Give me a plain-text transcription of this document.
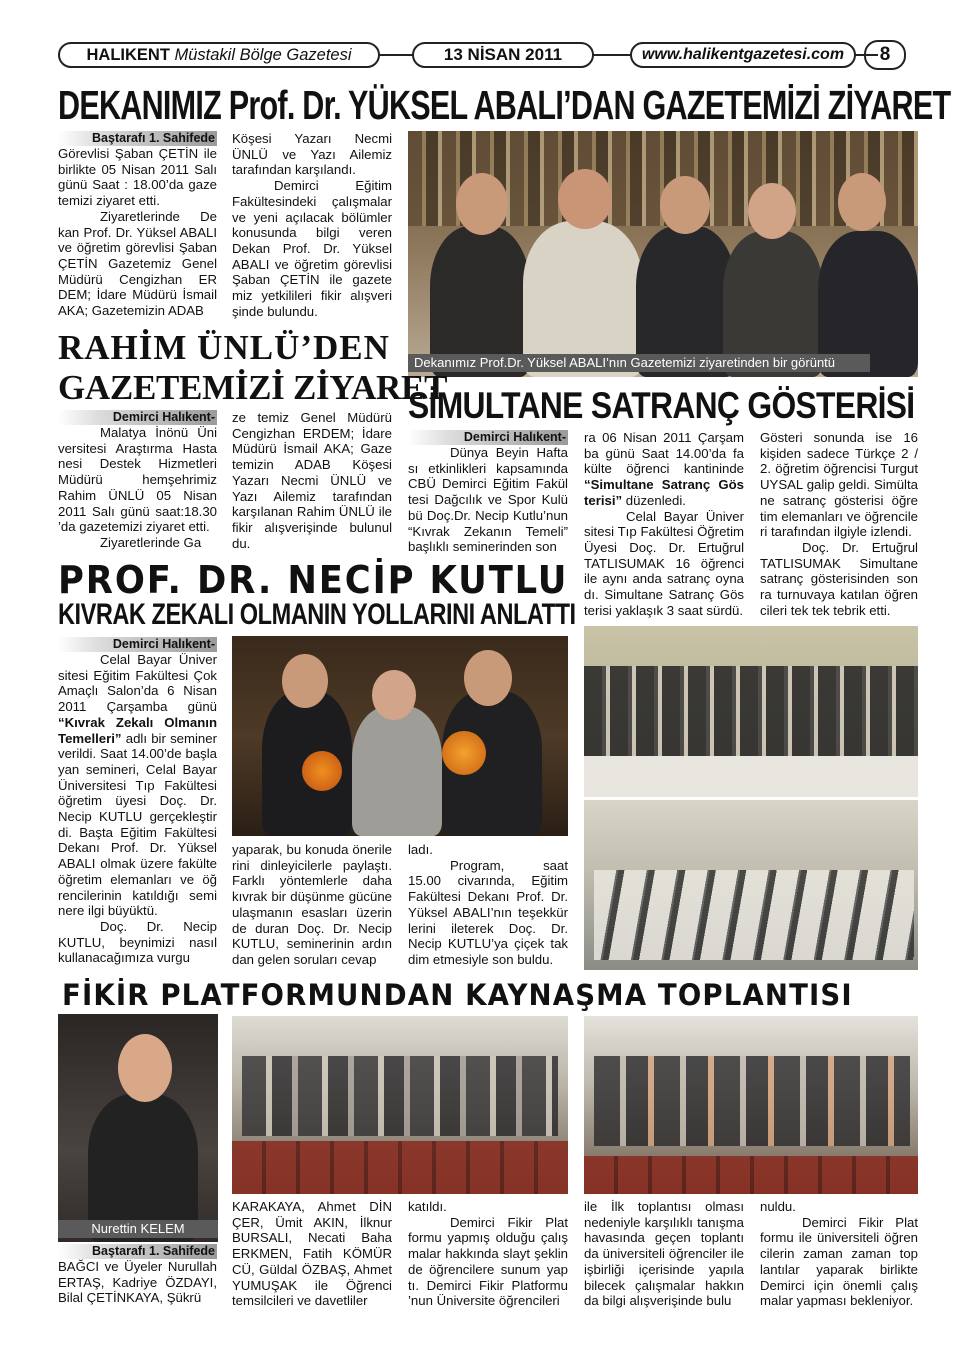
HALIKENT
Müstakil Bölge Gazetesi	13 NİSAN 2011	www.halikentgazetesi.com	8
DEKANIMIZ Prof. Dr. YÜKSEL ABALI’DAN GAZETEMİZİ ZİYARET
Baştarafı 1. Sahifede

Görevlisi Şaban ÇETİN ile birlikte 05 Nisan 2011 Salı günü Saat : 18.00’da gaze temizi ziyaret etti.

Ziyaretlerinde De kan Prof. Dr. Yüksel ABALI ve öğretim görevlisi Şaban ÇETİN Gazetemiz Genel Müdürü Cengizhan ER DEM; İdare Müdürü İsmail AKA; Gazetemizin ADAB

Köşesi Yazarı Necmi ÜNLÜ ve Yazı Ailemiz tarafından karşılandı.

Demirci Eğitim Fakültesindeki çalışmalar ve yeni açılacak bölümler konusunda bilgi veren Dekan Prof. Dr. Yüksel ABALI ve öğretim görevlisi Şaban ÇETİN ile gazete miz yetkilileri fikir alışveri şinde bulundu.

Dekanımız Prof.Dr. Yüksel ABALI’nın Gazetemizi ziyaretinden bir görüntü
RAHİM ÜNLÜ’DEN
GAZETEMİZİ ZİYARET
Demirci Halıkent-

Malatya İnönü Üni versitesi Araştırma Hasta nesi Destek Hizmetleri Müdürü hemşehrimiz Rahim ÜNLÜ 05 Nisan 2011 Salı günü saat:18.30 ’da gazetemizi ziyaret etti.

Ziyaretlerinde Ga

ze temiz Genel Müdürü Cengizhan ERDEM; İdare Müdürü İsmail AKA; Gaze temizin ADAB Köşesi Yazarı Necmi ÜNLÜ ve Yazı Ailemiz tarafından karşılanan Rahim ÜNLÜ ile fikir alışverişinde bulunul du.

SİMULTANE SATRANÇ GÖSTERİSİ
Demirci Halıkent-

Dünya Beyin Hafta sı etkinlikleri kapsamında CBÜ Demirci Eğitim Fakül tesi Dağcılık ve Spor Kulü bü Doç.Dr. Necip Kutlu’nun “Kıvrak Zekanın Temeli” başlıklı seminerinden son

ra 06 Nisan 2011 Çarşam ba günü Saat 14.00’da fa külte öğrenci kantininde “Simultane Satranç Gös terisi” düzenledi.

Celal Bayar Üniver sitesi Tıp Fakültesi Öğretim Üyesi Doç. Dr. Ertuğrul TATLISUMAK 16 öğrenci ile aynı anda satranç oyna dı. Simultane Satranç Gös terisi yaklaşık 3 saat sürdü.

Gösteri sonunda ise 16 kişiden sadece Türkçe 2 / 2. öğretim öğrencisi Turgut UYSAL galip geldi. Simülta ne satranç gösterisi öğre tim elemanları ve öğrencile ri tarafından ilgiyle izlendi.

Doç. Dr. Ertuğrul TATLISUMAK Simultane satranç gösterisinden son ra turnuvaya katılan öğren cileri tek tek tebrik etti.

PROF. DR. NECİP KUTLU
KIVRAK ZEKALI OLMANIN YOLLARINI ANLATTI
Demirci Halıkent-

Celal Bayar Üniver sitesi Eğitim Fakültesi Çok Amaçlı Salon’da 6 Nisan 2011 Çarşamba günü “Kıvrak Zekalı Olmanın Temelleri” adlı bir seminer verildi. Saat 14.00’de başla yan semineri, Celal Bayar Üniversitesi Tıp Fakültesi öğretim üyesi Doç. Dr. Necip KUTLU gerçekleştir di. Başta Eğitim Fakültesi Dekanı Prof. Dr. Yüksel ABALI olmak üzere fakülte öğretim elemanları ve öğ rencilerinin katıldığı semi nere ilgi büyüktü.

Doç. Dr. Necip KUTLU, beynimizi nasıl kullanacağımıza vurgu

yaparak, bu konuda önerile rini dinleyicilerle paylaştı. Farklı yöntemlerle daha kıvrak bir düşünme gücüne ulaşmanın esasları üzerin de duran Doç. Dr. Necip KUTLU, seminerinin ardın dan gelen soruları cevap

ladı.

Program, saat 15.00 civarında, Eğitim Fakültesi Dekanı Prof. Dr. Yüksel ABALI’nın teşekkür lerini ileterek Doç. Dr. Necip KUTLU’ya çiçek tak dim etmesiyle son buldu.

FİKİR PLATFORMUNDAN KAYNAŞMA TOPLANTISI
Nurettin KELEM
Baştarafı 1. Sahifede

BAĞCI ve Üyeler Nurullah ERTAŞ, Kadriye ÖZDAYI, Bilal ÇETİNKAYA, Şükrü

KARAKAYA, Ahmet DİN ÇER, Ümit AKIN, İlknur BURSALI, Necati Baha ERKMEN, Fatih KÖMÜR CÜ, Güldal ÖZBAŞ, Ahmet YUMUŞAK ile Öğrenci temsilcileri ve davetliler

katıldı.

Demirci Fikir Plat formu yapmış olduğu çalış malar hakkında slayt şeklin de öğrencilere sunum yap tı. Demirci Fikir Platformu ’nun Üniversite öğrencileri

ile İlk toplantısı olması nedeniyle karşılıklı tanışma havasında geçen toplantı da üniversiteli öğrenciler ile işbirliği içerisinde yapıla bilecek çalışmalar hakkın da bilgi alışverişinde bulu

nuldu.

Demirci Fikir Plat formu ile üniversiteli öğren cilerin zaman zaman top lantılar yaparak birlikte Demirci için önemli çalış malar yapması bekleniyor.
